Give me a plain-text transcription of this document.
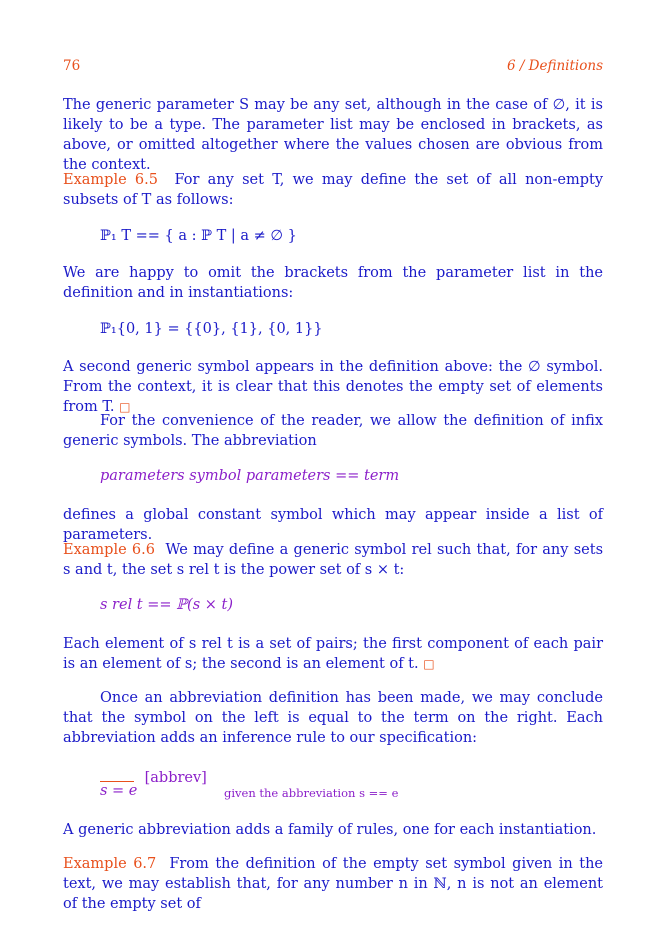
76	6 / Definitions

The generic parameter S may be any set, although in the case of ∅, it is likely to be a type. The parameter list may be enclosed in brackets, as above, or omitted altogether where the values chosen are obvious from the context.

Example 6.5 For any set T, we may define the set of all non-empty subsets of T as follows:

ℙ₁ T == { a : ℙ T | a ≠ ∅ }

We are happy to omit the brackets from the parameter list in the definition and in instantiations:

ℙ₁{0, 1} = {{0}, {1}, {0, 1}}

A second generic symbol appears in the definition above: the ∅ symbol. From the context, it is clear that this denotes the empty set of elements from T. □

For the convenience of the reader, we allow the definition of infix generic symbols. The abbreviation

parameters symbol parameters == term

defines a global constant symbol which may appear inside a list of parameters.

Example 6.6 We may define a generic symbol rel such that, for any sets s and t, the set s rel t is the power set of s × t:

s rel t == ℙ(s × t)

Each element of s rel t is a set of pairs; the first component of each pair is an element of s; the second is an element of t. □

Once an abbreviation definition has been made, we may conclude that the symbol on the left is equal to the term on the right. Each abbreviation adds an inference rule to our specification:

[abbrev]
s = e	given the abbreviation s == e

A generic abbreviation adds a family of rules, one for each instantiation.

Example 6.7 From the definition of the empty set symbol given in the text, we may establish that, for any number n in ℕ, n is not an element of the empty set of
